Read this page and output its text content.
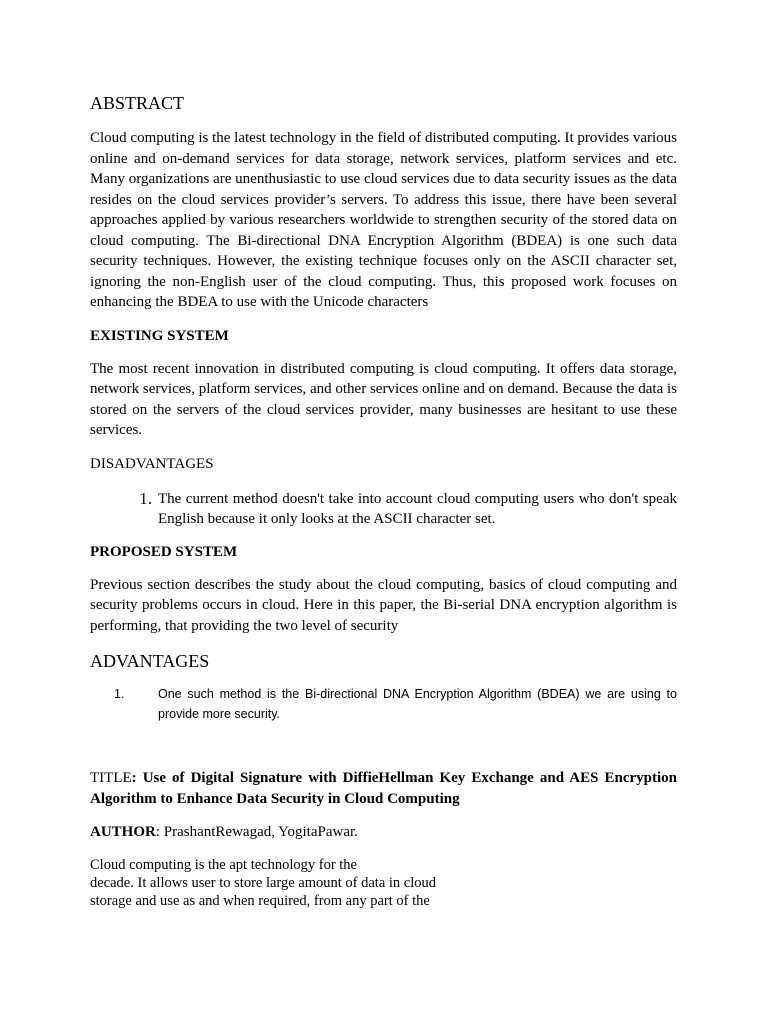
ABSTRACT

Cloud computing is the latest technology in the field of distributed computing. It provides various online and on-demand services for data storage, network services, platform services and etc. Many organizations are unenthusiastic to use cloud services due to data security issues as the data resides on the cloud services provider’s servers. To address this issue, there have been several approaches applied by various researchers worldwide to strengthen security of the stored data on cloud computing. The Bi-directional DNA Encryption Algorithm (BDEA) is one such data security techniques. However, the existing technique focuses only on the ASCII character set, ignoring the non-English user of the cloud computing. Thus, this proposed work focuses on enhancing the BDEA to use with the Unicode characters

EXISTING SYSTEM

The most recent innovation in distributed computing is cloud computing. It offers data storage, network services, platform services, and other services online and on demand. Because the data is stored on the servers of the cloud services provider, many businesses are hesitant to use these services.

DISADVANTAGES
1. The current method doesn't take into account cloud computing users who don't speak English because it only looks at the ASCII character set.
PROPOSED SYSTEM

Previous section describes the study about the cloud computing, basics of cloud computing and security problems occurs in cloud. Here in this paper, the Bi-serial DNA encryption algorithm is performing, that providing the two level of security

ADVANTAGES
1.	One such method is the Bi-directional DNA Encryption Algorithm (BDEA) we are using to provide more security.

TITLE: Use of Digital Signature with DiffieHellman Key Exchange and AES Encryption Algorithm to Enhance Data Security in Cloud Computing

AUTHOR: PrashantRewagad, YogitaPawar.

Cloud computing is the apt technology for the
decade. It allows user to store large amount of data in cloud
storage and use as and when required, from any part of the
